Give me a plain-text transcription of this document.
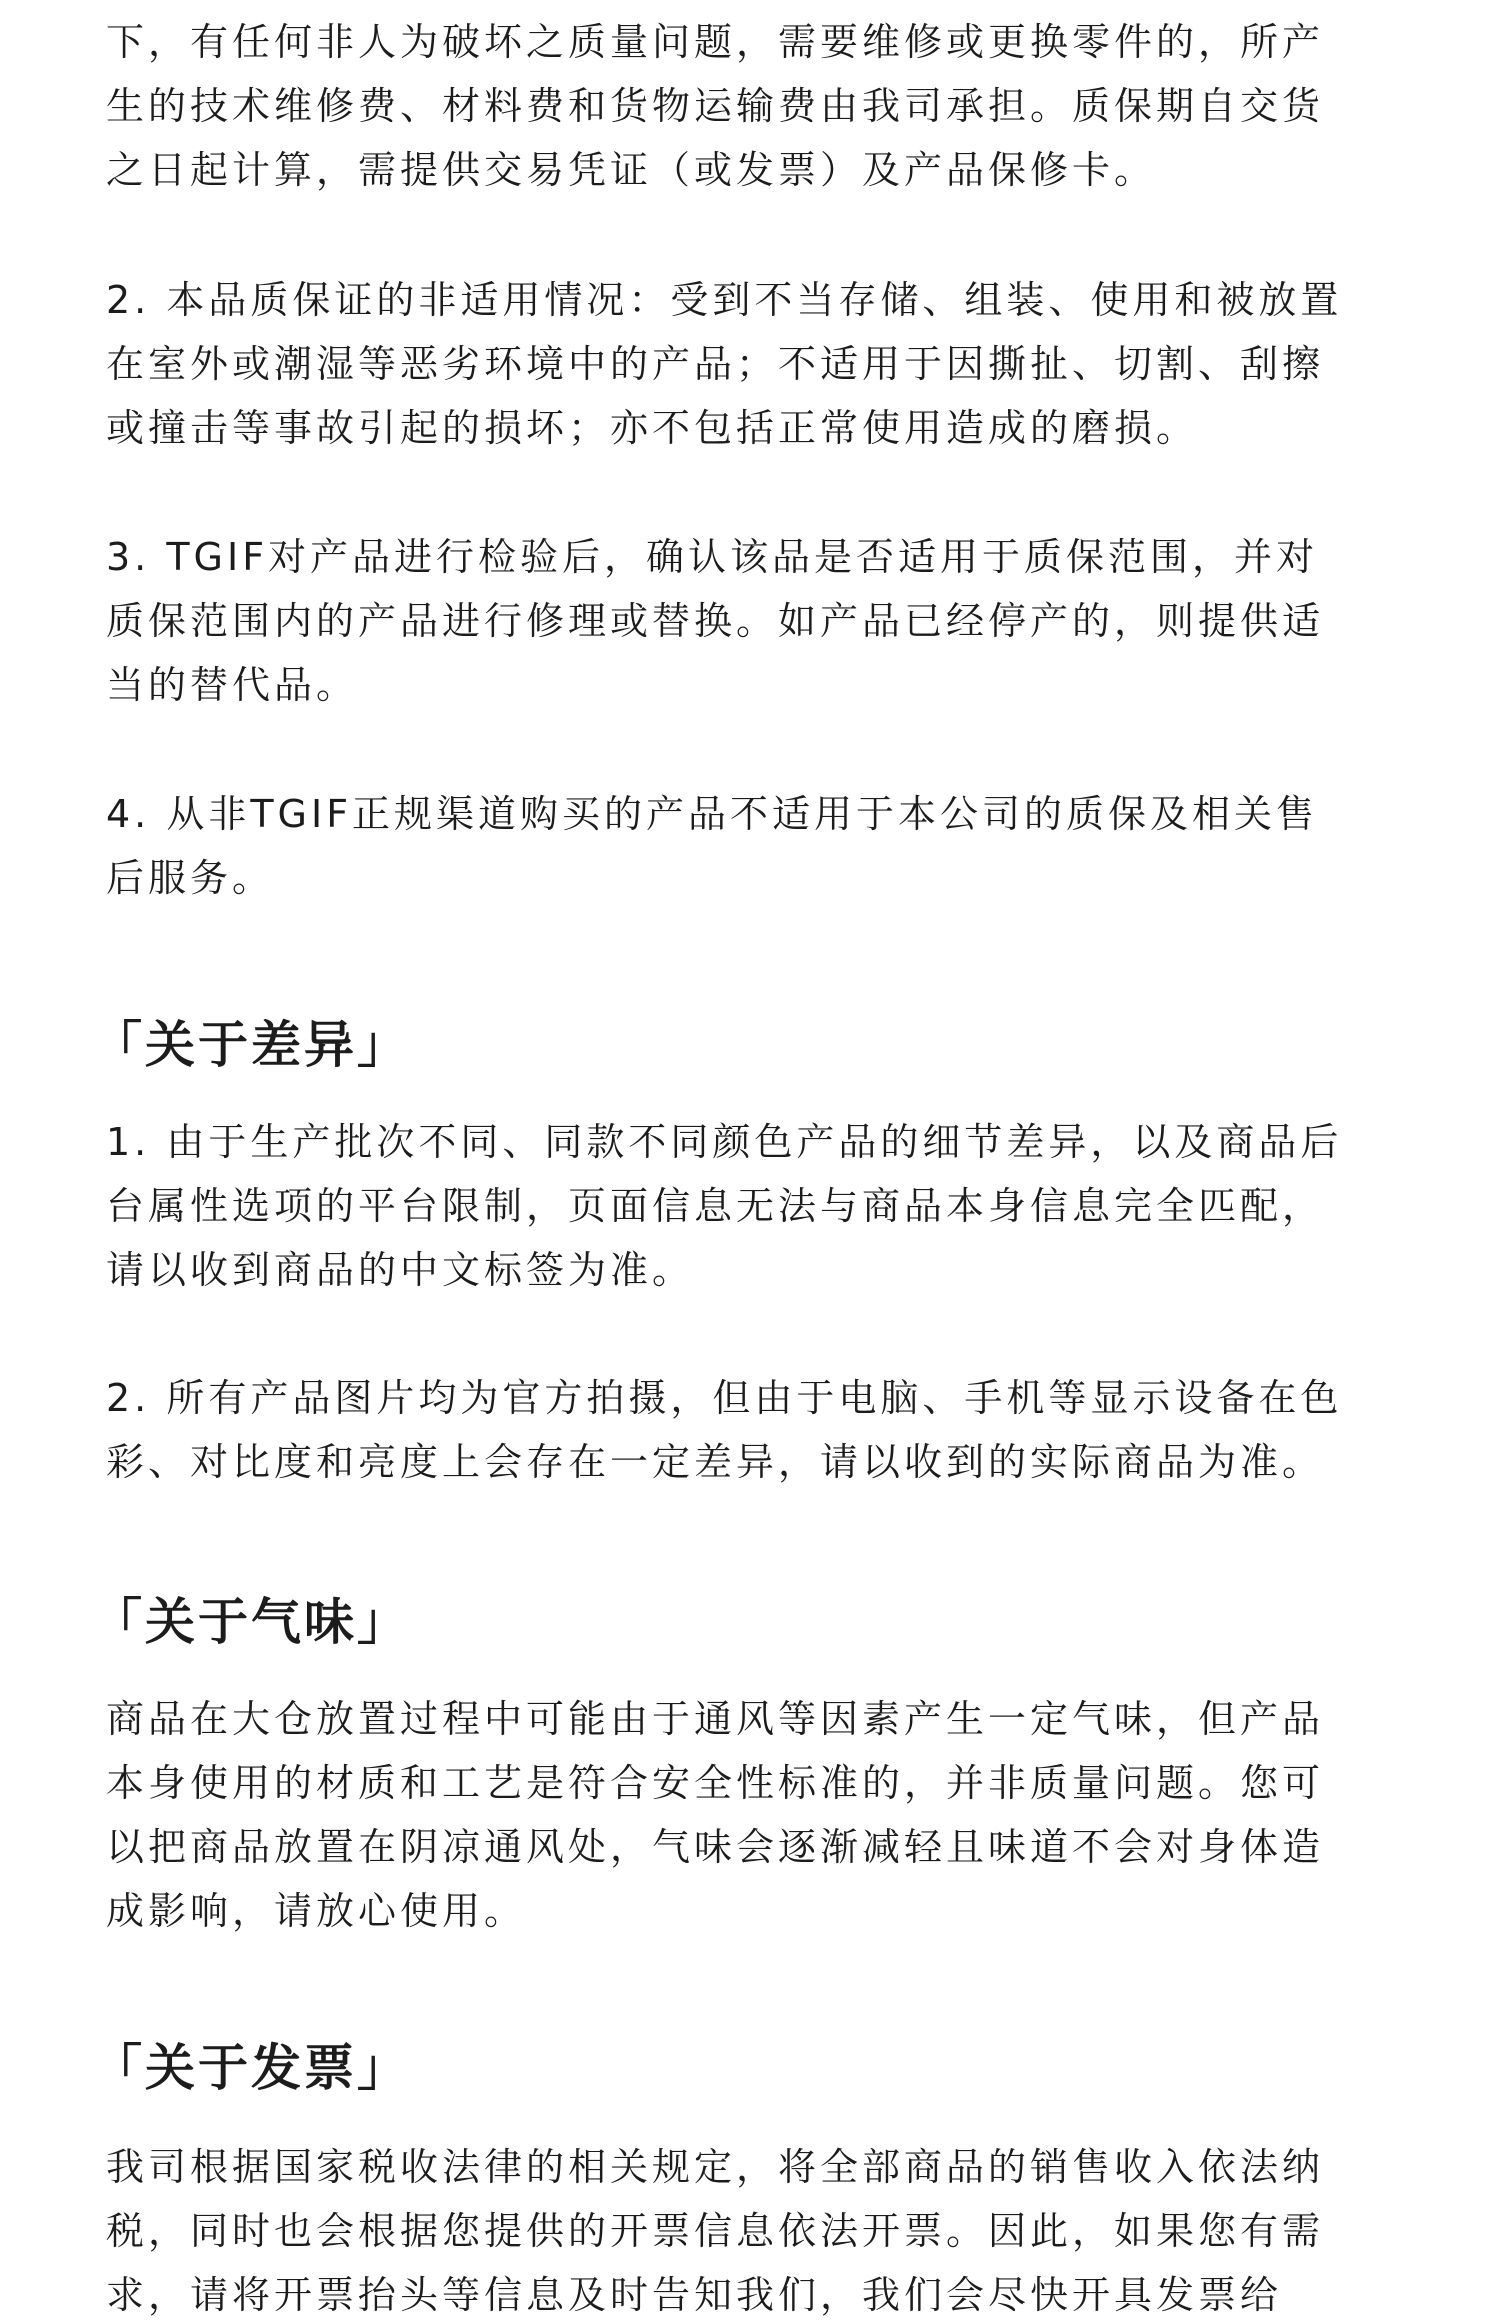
下，有任何非人为破坏之质量问题，需要维修或更换零件的，所产
生的技术维修费、材料费和货物运输费由我司承担。质保期自交货
之日起计算，需提供交易凭证（或发票）及产品保修卡。

2. 本品质保证的非适用情况：受到不当存储、组装、使用和被放置
在室外或潮湿等恶劣环境中的产品；不适用于因撕扯、切割、刮擦
或撞击等事故引起的损坏；亦不包括正常使用造成的磨损。

3. TGIF对产品进行检验后，确认该品是否适用于质保范围，并对
质保范围内的产品进行修理或替换。如产品已经停产的，则提供适
当的替代品。

4. 从非TGIF正规渠道购买的产品不适用于本公司的质保及相关售
后服务。

「关于差异」

1. 由于生产批次不同、同款不同颜色产品的细节差异，以及商品后
台属性选项的平台限制，页面信息无法与商品本身信息完全匹配，
请以收到商品的中文标签为准。

2. 所有产品图片均为官方拍摄，但由于电脑、手机等显示设备在色
彩、对比度和亮度上会存在一定差异，请以收到的实际商品为准。

「关于气味」

商品在大仓放置过程中可能由于通风等因素产生一定气味，但产品
本身使用的材质和工艺是符合安全性标准的，并非质量问题。您可
以把商品放置在阴凉通风处，气味会逐渐减轻且味道不会对身体造
成影响，请放心使用。

「关于发票」

我司根据国家税收法律的相关规定，将全部商品的销售收入依法纳
税，同时也会根据您提供的开票信息依法开票。因此，如果您有需
求，请将开票抬头等信息及时告知我们，我们会尽快开具发票给
